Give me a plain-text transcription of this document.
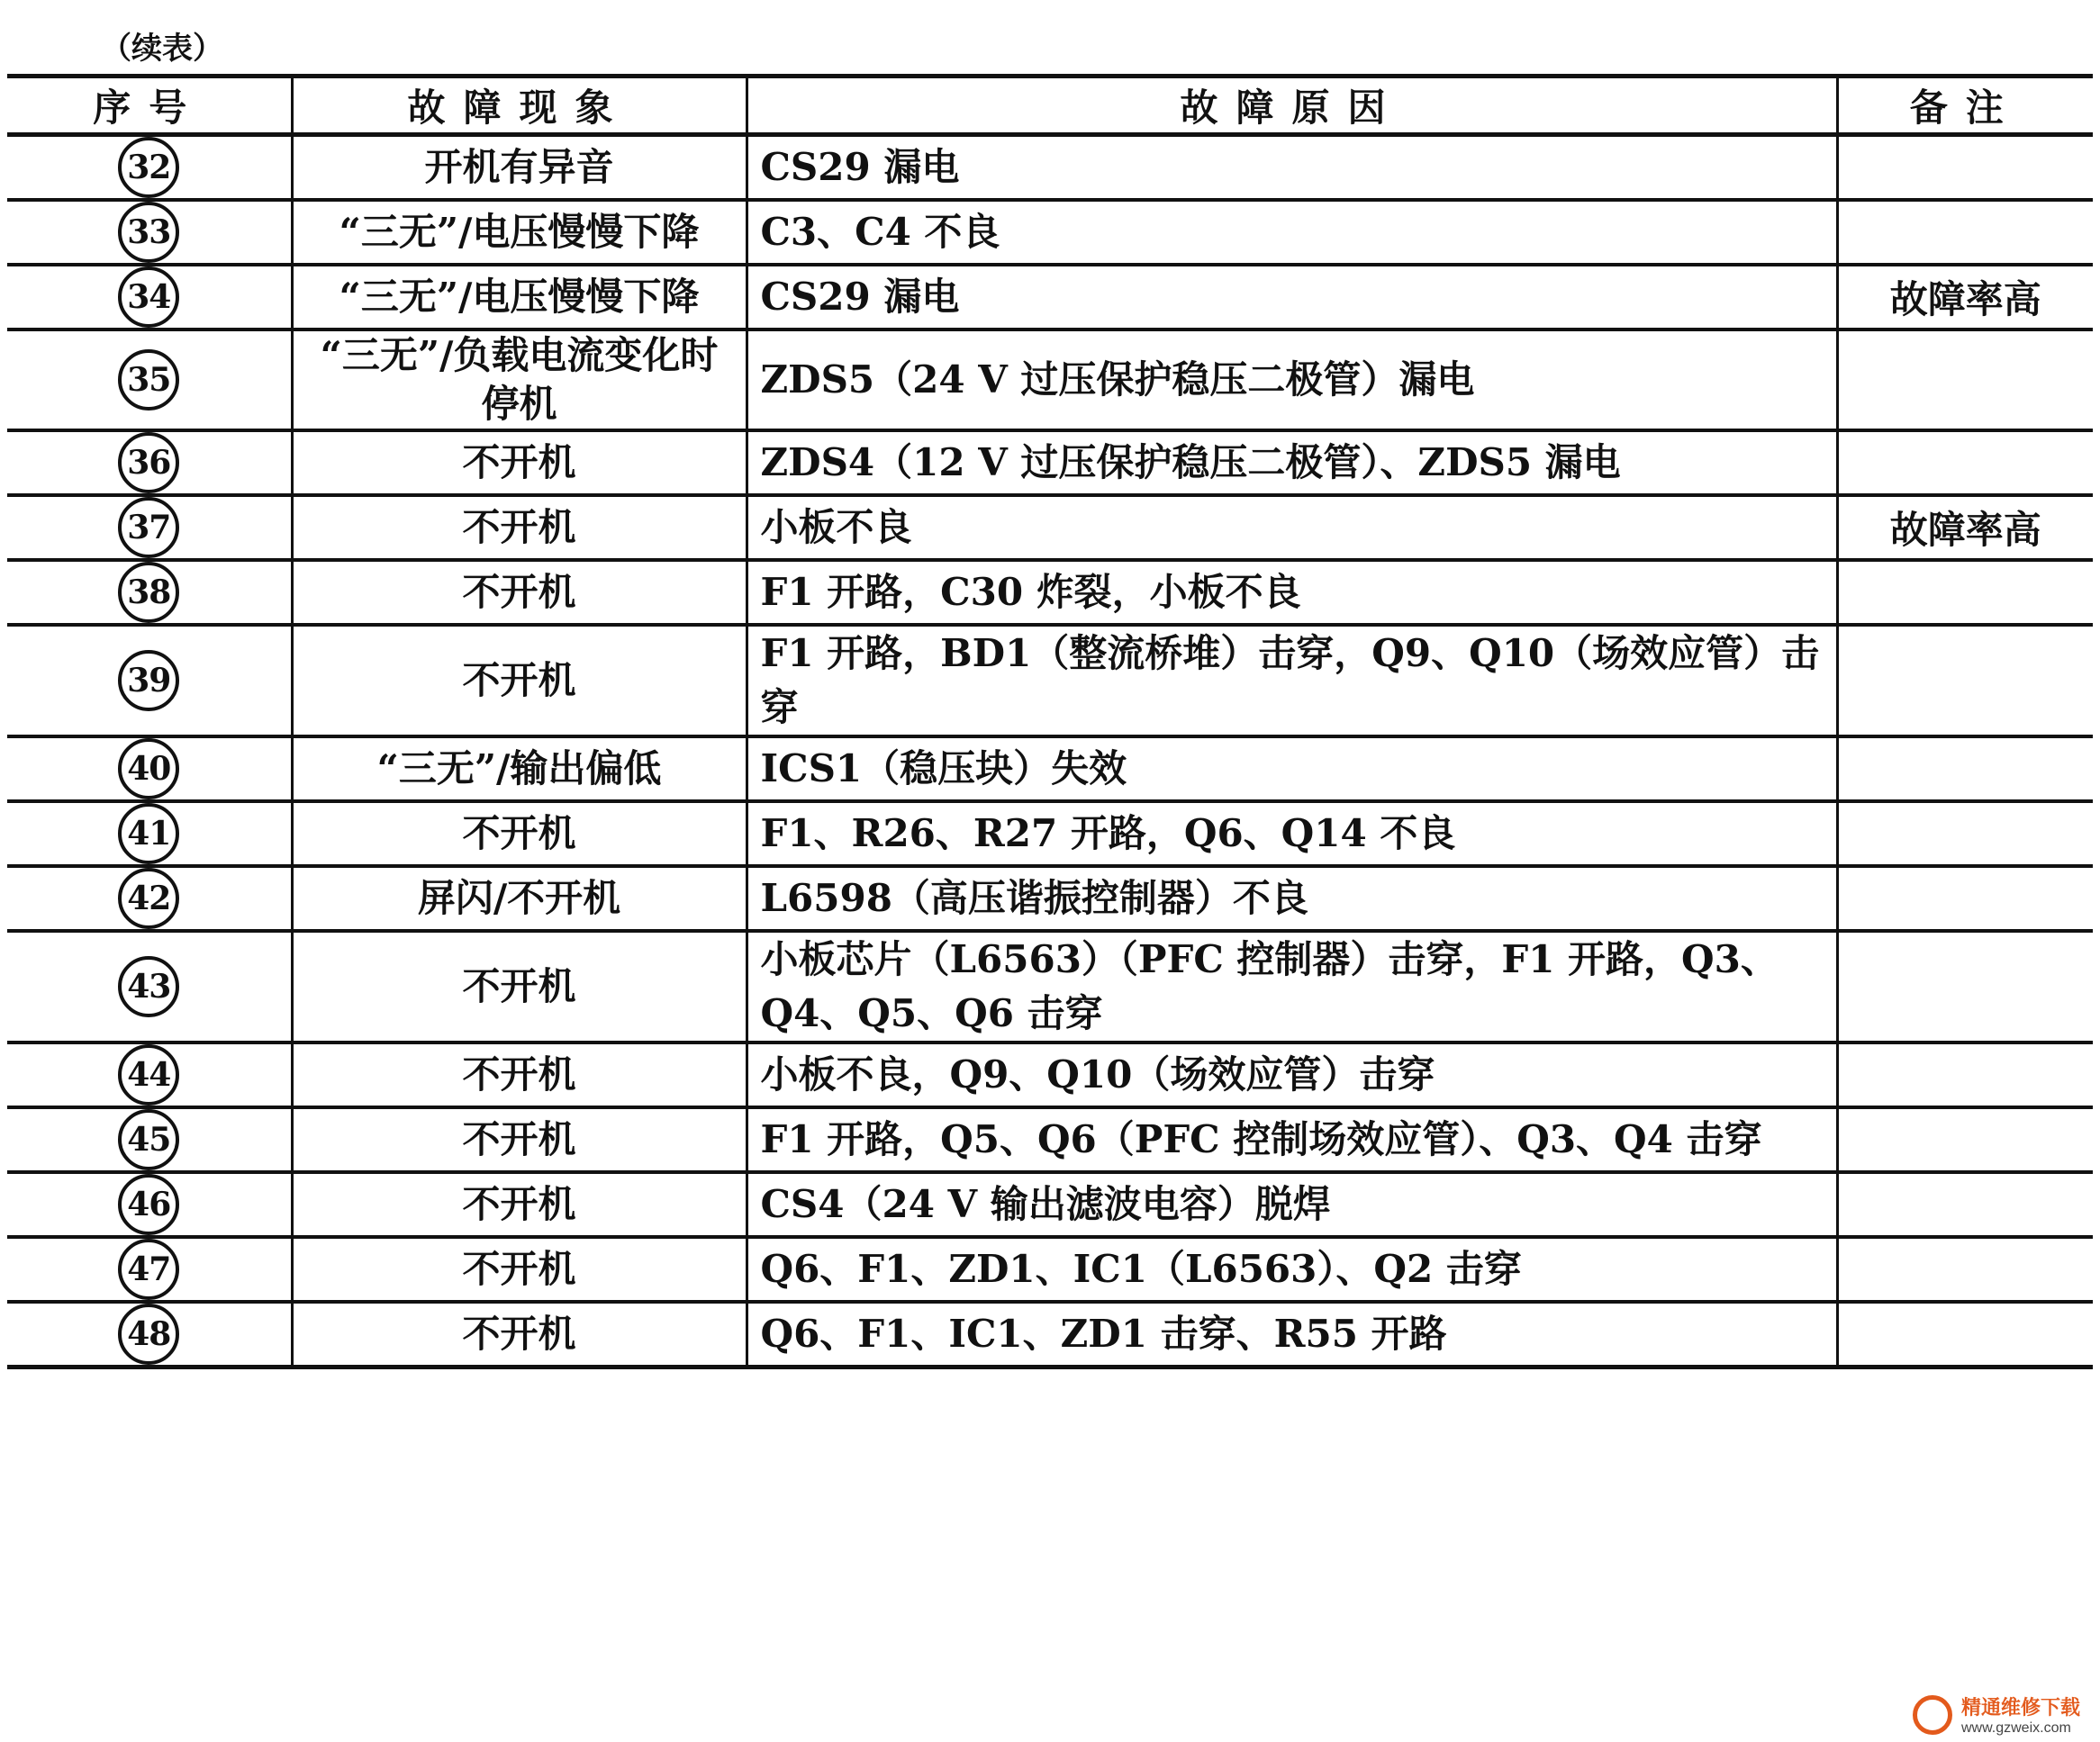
（续表）
序号	故障现象	故障原因	备注
32	开机有异音	CS29 漏电	
33	“三无”/电压慢慢下降	C3、C4 不良	
34	“三无”/电压慢慢下降	CS29 漏电	故障率高
35	“三无”/负载电流变化时停机	ZDS5（24 V 过压保护稳压二极管）漏电	
36	不开机	ZDS4（12 V 过压保护稳压二极管）、ZDS5 漏电	
37	不开机	小板不良	故障率高
38	不开机	F1 开路，C30 炸裂，小板不良	
39	不开机	F1 开路，BD1（整流桥堆）击穿，Q9、Q10（场效应管）击穿	
40	“三无”/输出偏低	ICS1（稳压块）失效	
41	不开机	F1、R26、R27 开路，Q6、Q14 不良	
42	屏闪/不开机	L6598（高压谐振控制器）不良	
43	不开机	小板芯片（L6563）（PFC 控制器）击穿，F1 开路，Q3、Q4、Q5、Q6 击穿	
44	不开机	小板不良，Q9、Q10（场效应管）击穿	
45	不开机	F1 开路，Q5、Q6（PFC 控制场效应管）、Q3、Q4 击穿	
46	不开机	CS4（24 V 输出滤波电容）脱焊	
47	不开机	Q6、F1、ZD1、IC1（L6563）、Q2 击穿	
48	不开机	Q6、F1、IC1、ZD1 击穿、R55 开路	

精通维修下载
www.gzweix.com
